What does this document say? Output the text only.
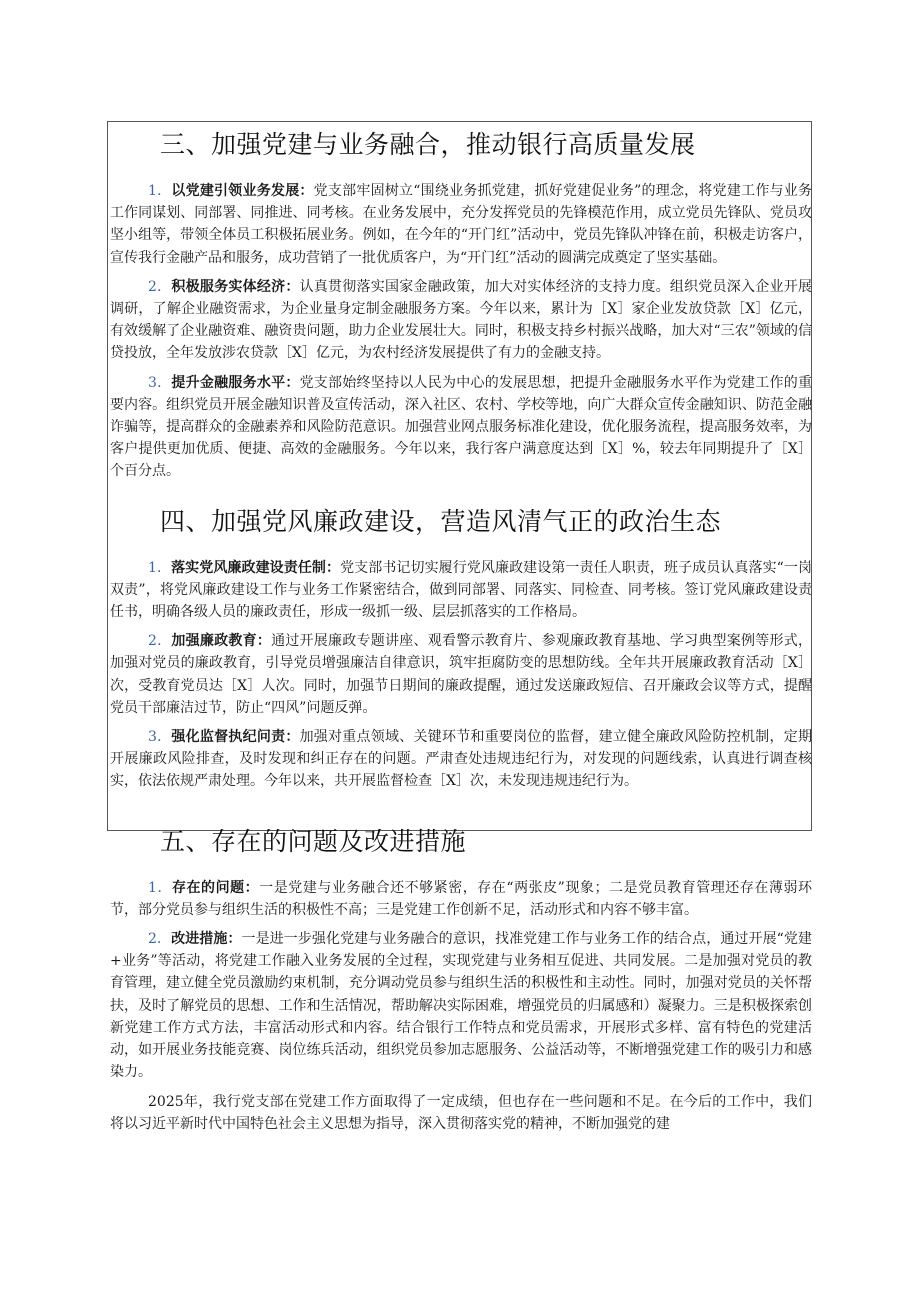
三、加强党建与业务融合，推动银行高质量发展

1．以党建引领业务发展：党支部牢固树立“围绕业务抓党建，抓好党建促业务”的理念，将党建工作与业务工作同谋划、同部署、同推进、同考核。在业务发展中，充分发挥党员的先锋模范作用，成立党员先锋队、党员攻坚小组等，带领全体员工积极拓展业务。例如，在今年的“开门红”活动中，党员先锋队冲锋在前，积极走访客户，宣传我行金融产品和服务，成功营销了一批优质客户，为“开门红”活动的圆满完成奠定了坚实基础。

2．积极服务实体经济：认真贯彻落实国家金融政策，加大对实体经济的支持力度。组织党员深入企业开展调研，了解企业融资需求，为企业量身定制金融服务方案。今年以来，累计为［X］家企业发放贷款［X］亿元，有效缓解了企业融资难、融资贵问题，助力企业发展壮大。同时，积极支持乡村振兴战略，加大对“三农”领域的信贷投放，全年发放涉农贷款［X］亿元，为农村经济发展提供了有力的金融支持。

3．提升金融服务水平：党支部始终坚持以人民为中心的发展思想，把提升金融服务水平作为党建工作的重要内容。组织党员开展金融知识普及宣传活动，深入社区、农村、学校等地，向广大群众宣传金融知识、防范金融诈骗等，提高群众的金融素养和风险防范意识。加强营业网点服务标准化建设，优化服务流程，提高服务效率，为客户提供更加优质、便捷、高效的金融服务。今年以来，我行客户满意度达到［X］%，较去年同期提升了［X］个百分点。

四、加强党风廉政建设，营造风清气正的政治生态

1．落实党风廉政建设责任制：党支部书记切实履行党风廉政建设第一责任人职责，班子成员认真落实“一岗双责”，将党风廉政建设工作与业务工作紧密结合，做到同部署、同落实、同检查、同考核。签订党风廉政建设责任书，明确各级人员的廉政责任，形成一级抓一级、层层抓落实的工作格局。

2．加强廉政教育：通过开展廉政专题讲座、观看警示教育片、参观廉政教育基地、学习典型案例等形式，加强对党员的廉政教育，引导党员增强廉洁自律意识，筑牢拒腐防变的思想防线。全年共开展廉政教育活动［X］次，受教育党员达［X］人次。同时，加强节日期间的廉政提醒，通过发送廉政短信、召开廉政会议等方式，提醒党员干部廉洁过节，防止“四风”问题反弹。

3．强化监督执纪问责：加强对重点领域、关键环节和重要岗位的监督，建立健全廉政风险防控机制，定期开展廉政风险排查，及时发现和纠正存在的问题。严肃查处违规违纪行为，对发现的问题线索，认真进行调查核实，依法依规严肃处理。今年以来，共开展监督检查［X］次，未发现违规违纪行为。

五、存在的问题及改进措施

1．存在的问题：一是党建与业务融合还不够紧密，存在“两张皮”现象；二是党员教育管理还存在薄弱环节，部分党员参与组织生活的积极性不高；三是党建工作创新不足，活动形式和内容不够丰富。

2．改进措施：一是进一步强化党建与业务融合的意识，找准党建工作与业务工作的结合点，通过开展“党建+业务”等活动，将党建工作融入业务发展的全过程，实现党建与业务相互促进、共同发展。二是加强对党员的教育管理，建立健全党员激励约束机制，充分调动党员参与组织生活的积极性和主动性。同时，加强对党员的关怀帮扶，及时了解党员的思想、工作和生活情况，帮助解决实际困难，增强党员的归属感和）凝聚力。三是积极探索创新党建工作方式方法，丰富活动形式和内容。结合银行工作特点和党员需求，开展形式多样、富有特色的党建活动，如开展业务技能竞赛、岗位练兵活动，组织党员参加志愿服务、公益活动等，不断增强党建工作的吸引力和感染力。

2025年，我行党支部在党建工作方面取得了一定成绩，但也存在一些问题和不足。在今后的工作中，我们将以习近平新时代中国特色社会主义思想为指导，深入贯彻落实党的精神，不断加强党的建
